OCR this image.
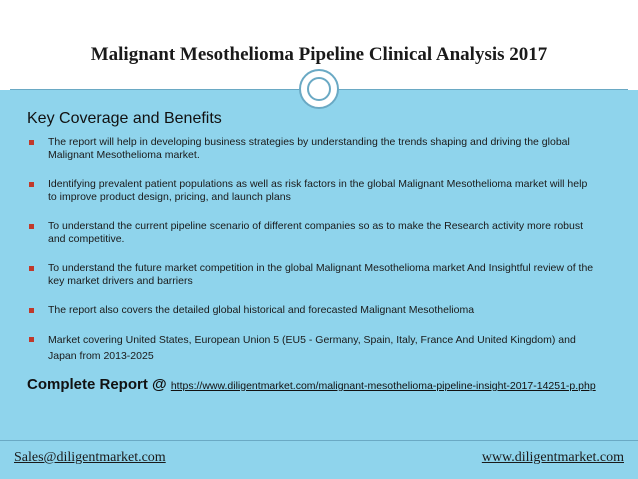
Malignant Mesothelioma Pipeline Clinical Analysis 2017
Key Coverage and Benefits
The report will help in developing business strategies by understanding the trends shaping and driving the global Malignant Mesothelioma market.
Identifying prevalent patient populations as well as risk factors in the global Malignant Mesothelioma market will help to improve product design, pricing, and launch plans
To understand the current pipeline scenario of different companies so as to make the Research activity more robust and competitive.
To understand the future market competition in the global Malignant Mesothelioma market And Insightful review of the key market drivers and barriers
The report also covers the detailed global historical and forecasted Malignant Mesothelioma
Market covering United States, European Union 5 (EU5 - Germany, Spain, Italy, France And United Kingdom) and Japan from 2013-2025
Complete Report @ https://www.diligentmarket.com/malignant-mesothelioma-pipeline-insight-2017-14251-p.php
Sales@diligentmarket.com	www.diligentmarket.com
